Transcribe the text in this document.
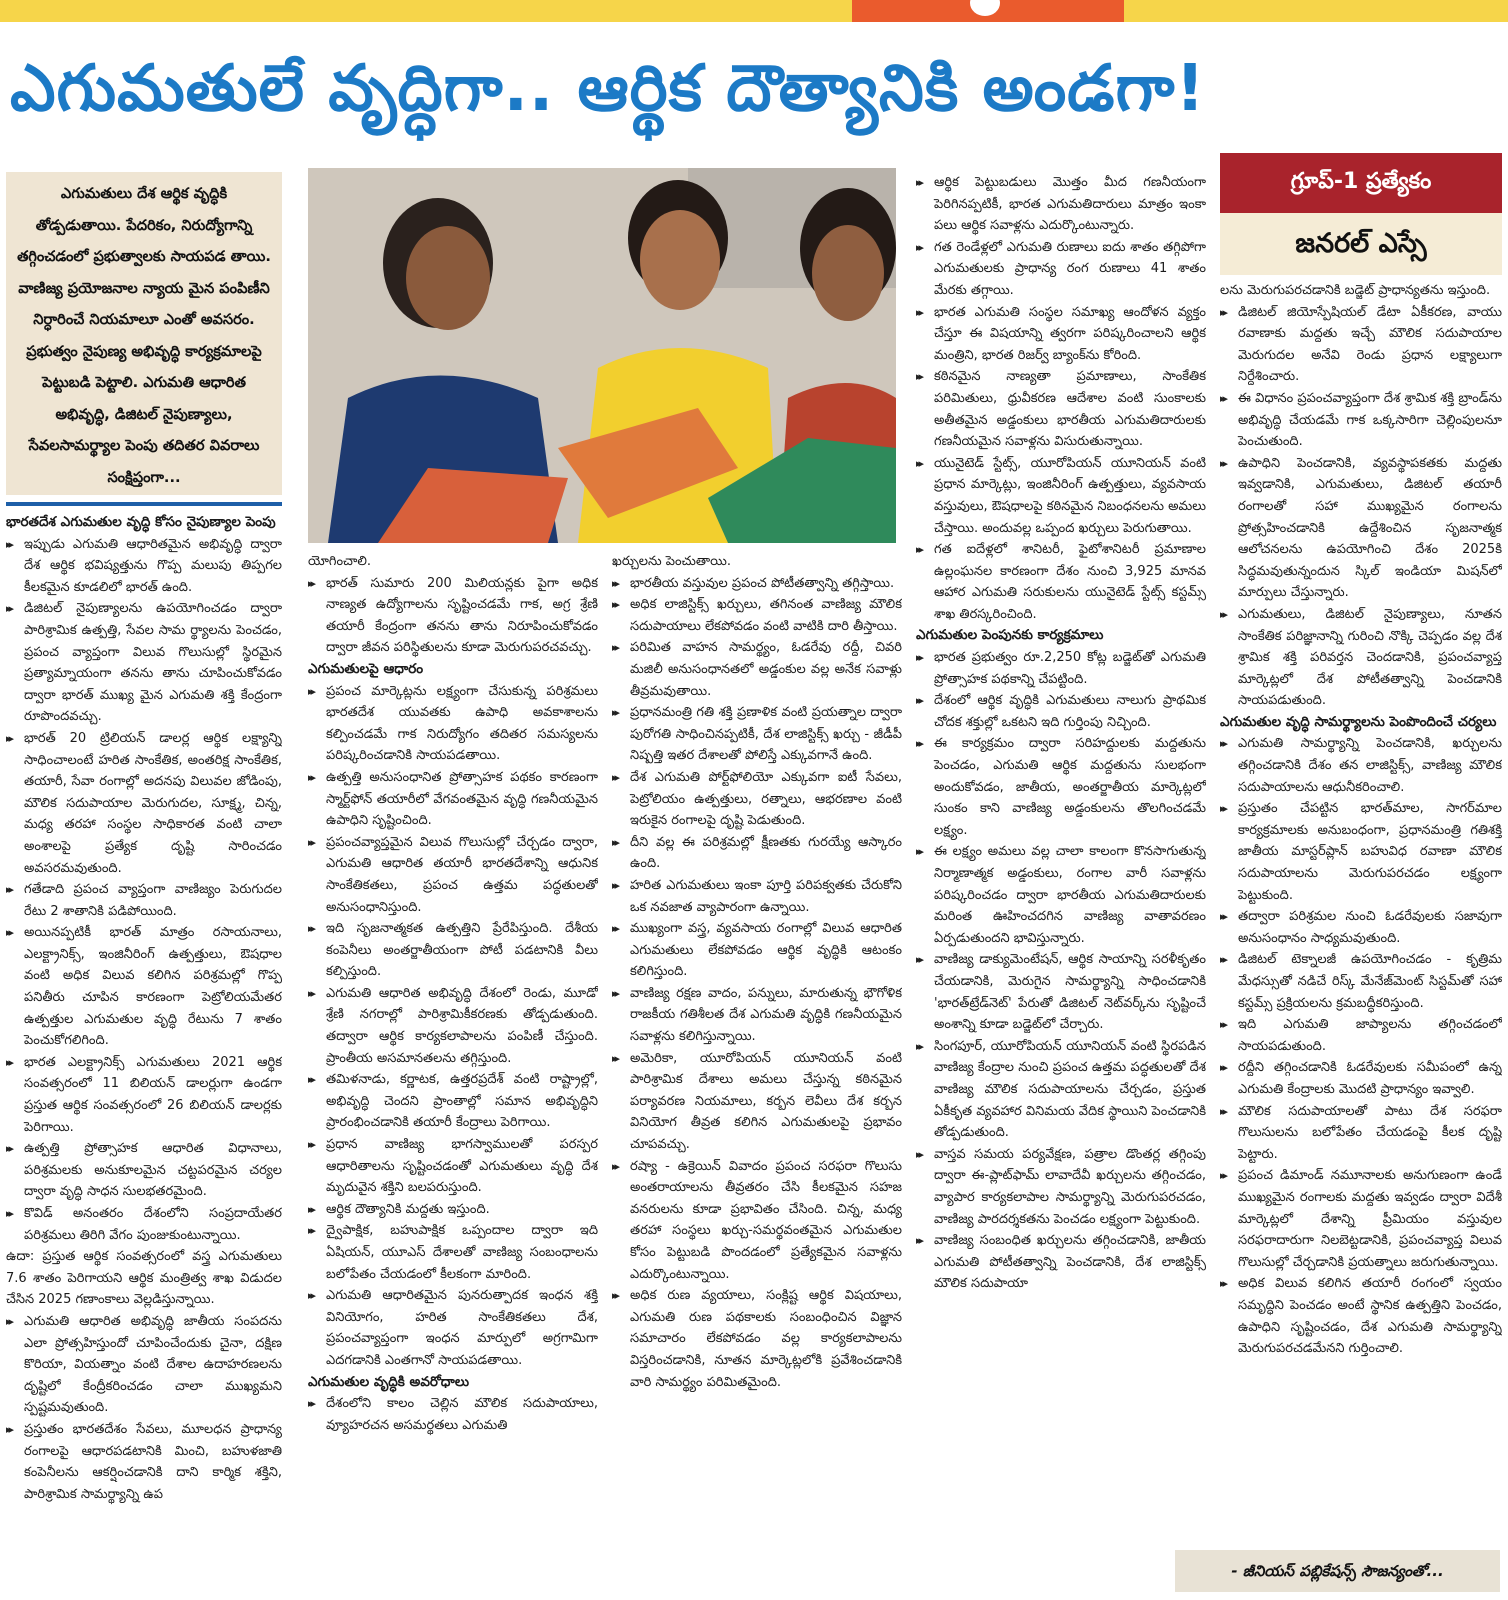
ఎగుమతులే వృద్ధిగా.. ఆర్థిక దౌత్యానికి అండగా!
ఎగుమతులు దేశ ఆర్థిక వృద్ధికి తోడ్పడుతాయి. పేదరికం, నిరుద్యోగాన్ని తగ్గించడంలో ప్రభుత్వాలకు సాయపడ తాయి. వాణిజ్య ప్రయోజనాల న్యాయ మైన పంపిణీని నిర్ధారించే నియమాలూ ఎంతో అవసరం. ప్రభుత్వం నైపుణ్య అభివృద్ధి కార్యక్రమాలపై పెట్టుబడి పెట్టాలి. ఎగుమతి ఆధారిత అభివృద్ధి, డిజిటల్‌ నైపుణ్యాలు, సేవలసామర్థ్యాల పెంపు తదితర వివరాలు సంక్షిప్తంగా...

భారతదేశ ఎగుమతుల వృద్ధి కోసం నైపుణ్యాల పెంపు

▸▸ ఇప్పుడు ఎగుమతి ఆధారితమైన అభివృద్ధి ద్వారా దేశ ఆర్థిక భవిష్యత్తును గొప్ప మలుపు తిప్పగల కీలకమైన కూడలిలో భారత్‌ ఉంది.

▸▸ డిజిటల్‌ నైపుణ్యాలను ఉపయోగించడం ద్వారా పారిశ్రామిక ఉత్పత్తి, సేవల సామ ర్థ్యాలను పెంచడం, ప్రపంచ వ్యాప్తంగా విలువ గొలుసుల్లో స్థిరమైన ప్రత్యామ్నాయంగా తనను తాను చూపించుకోవడం ద్వారా భారత్‌ ముఖ్య మైన ఎగుమతి శక్తి కేంద్రంగా రూపొందవచ్చు.

▸▸ భారత్‌ 20 ట్రిలియన్‌ డాలర్ల ఆర్థిక లక్ష్యాన్ని సాధించాలంటే హరిత సాంకేతిక, అంతరిక్ష సాంకేతిక, తయారీ, సేవా రంగాల్లో అదనపు విలువల జోడింపు, మౌలిక సదుపాయాల మెరుగుదల, సూక్ష్మ, చిన్న, మధ్య తరహా సంస్థల సాధికారత వంటి చాలా అంశాలపై ప్రత్యేక దృష్టి సారించడం అవసరమవుతుంది.

▸▸ గతేడాది ప్రపంచ వ్యాప్తంగా వాణిజ్యం పెరుగుదల రేటు 2 శాతానికి పడిపోయింది.

▸▸ అయినప్పటికీ భారత్‌ మాత్రం రసాయనాలు, ఎలక్ట్రానిక్స్‌, ఇంజినీరింగ్‌ ఉత్పత్తులు, ఔషధాల వంటి అధిక విలువ కలిగిన పరిశ్రమల్లో గొప్ప పనితీరు చూపిన కారణంగా పెట్రోలియమేతర ఉత్పత్తుల ఎగుమతుల వృద్ధి రేటును 7 శాతం పెంచుకోగలిగింది.

▸▸ భారత ఎలక్ట్రానిక్స్‌ ఎగుమతులు 2021 ఆర్థిక సంవత్సరంలో 11 బిలియన్‌ డాలర్లుగా ఉండగా ప్రస్తుత ఆర్థిక సంవత్సరంలో 26 బిలియన్‌ డాలర్లకు పెరిగాయి.

▸▸ ఉత్పత్తి ప్రోత్సాహక ఆధారిత విధానాలు, పరిశ్రమలకు అనుకూలమైన చట్టపరమైన చర్యల ద్వారా వృద్ధి సాధన సులభతరమైంది.

▸▸ కొవిడ్‌ అనంతరం దేశంలోని సంప్రదాయేతర పరిశ్రమలు తిరిగి వేగం పుంజుకుంటున్నాయి.

ఉదా: ప్రస్తుత ఆర్థిక సంవత్సరంలో వస్త్ర ఎగుమతులు 7.6 శాతం పెరిగాయని ఆర్థిక మంత్రిత్వ శాఖ విడుదల చేసిన 2025 గణాంకాలు వెల్లడిస్తున్నాయి.

▸▸ ఎగుమతి ఆధారిత అభివృద్ధి జాతీయ సంపదను ఎలా ప్రోత్సహిస్తుందో చూపించేందుకు చైనా, దక్షిణ కొరియా, వియత్నాం వంటి దేశాల ఉదాహరణలను దృష్టిలో కేంద్రీకరించడం చాలా ముఖ్యమని స్పష్టమవుతుంది.

▸▸ ప్రస్తుతం భారతదేశం సేవలు, మూలధన ప్రాధాన్య రంగాలపై ఆధారపడటానికి మించి, బహుళజాతి కంపెనీలను ఆకర్షించడానికి దాని కార్మిక శక్తిని, పారిశ్రామిక సామర్థ్యాన్ని ఉప

యోగించాలి.

▸▸ భారత్‌ సుమారు 200 మిలియన్లకు పైగా అధిక నాణ్యత ఉద్యోగాలను సృష్టించడమే గాక, అగ్ర శ్రేణి తయారీ కేంద్రంగా తనను తాను నిరూపించుకోవడం ద్వారా జీవన పరిస్థితులను కూడా మెరుగుపరచవచ్చు.

ఎగుమతులపై ఆధారం

▸▸ ప్రపంచ మార్కెట్లను లక్ష్యంగా చేసుకున్న పరిశ్రమలు భారతదేశ యువతకు ఉపాధి అవకాశాలను కల్పించడమే గాక నిరుద్యోగం తదితర సమస్యలను పరిష్కరించడానికి సాయపడతాయి.

▸▸ ఉత్పత్తి అనుసంధానిత ప్రోత్సాహక పథకం కారణంగా స్మార్ట్‌ఫోన్‌ తయారీలో వేగవంతమైన వృద్ధి గణనీయమైన ఉపాధిని సృష్టించింది.

▸▸ ప్రపంచవ్యాప్తమైన విలువ గొలుసుల్లో చేర్చడం ద్వారా, ఎగుమతి ఆధారిత తయారీ భారతదేశాన్ని ఆధునిక సాంకేతికతలు, ప్రపంచ ఉత్తమ పద్ధతులతో అనుసంధానిస్తుంది.

▸▸ ఇది సృజనాత్మకత ఉత్పత్తిని ప్రేరేపిస్తుంది. దేశీయ కంపెనీలు అంతర్జాతీయంగా పోటీ పడటానికి వీలు కల్పిస్తుంది.

▸▸ ఎగుమతి ఆధారిత అభివృద్ధి దేశంలో రెండు, మూడో శ్రేణి నగరాల్లో పారిశ్రామికీకరణకు తోడ్పడుతుంది. తద్వారా ఆర్థిక కార్యకలాపాలను పంపిణీ చేస్తుంది. ప్రాంతీయ అసమానతలను తగ్గిస్తుంది.

▸▸ తమిళనాడు, కర్ణాటక, ఉత్తరప్రదేశ్‌ వంటి రాష్ట్రాల్లో, అభివృద్ధి చెందని ప్రాంతాల్లో సమాన అభివృద్ధిని ప్రారంభించడానికి తయారీ కేంద్రాలు పెరిగాయి.

▸▸ ప్రధాన వాణిజ్య భాగస్వాములతో పరస్పర ఆధారితాలను సృష్టించడంతో ఎగుమతులు వృద్ధి దేశ మృదువైన శక్తిని బలపరుస్తుంది.

▸▸ ఆర్థిక దౌత్యానికి మద్దతు ఇస్తుంది.

▸▸ ద్వైపాక్షిక, బహుపాక్షిక ఒప్పందాల ద్వారా ఇది ఏషియన్‌, యూఎస్‌ దేశాలతో వాణిజ్య సంబంధాలను బలోపేతం చేయడంలో కీలకంగా మారింది.

▸▸ ఎగుమతి ఆధారితమైన పునరుత్పాదక ఇంధన శక్తి వినియోగం, హరిత సాంకేతికతలు దేశ, ప్రపంచవ్యాప్తంగా ఇంధన మార్పులో అగ్రగామిగా ఎదగడానికి ఎంతగానో సాయపడతాయి.

ఎగుమతుల వృద్ధికి అవరోధాలు

▸▸ దేశంలోని కాలం చెల్లిన మౌలిక సదుపాయాలు, వ్యూహరచన అసమర్థతలు ఎగుమతి

ఖర్చులను పెంచుతాయి.

▸▸ భారతీయ వస్తువుల ప్రపంచ పోటీతత్వాన్ని తగ్గిస్తాయి.

▸▸ అధిక లాజిస్టిక్స్‌ ఖర్చులు, తగినంత వాణిజ్య మౌలిక సదుపాయాలు లేకపోవడం వంటి వాటికి దారి తీస్తాయి.

▸▸ పరిమిత వాహన సామర్థ్యం, ఓడరేవు రద్దీ, చివరి మజిలీ అనుసంధానతలో అడ్డంకుల వల్ల అనేక సవాళ్లు తీవ్రమవుతాయి.

▸▸ ప్రధానమంత్రి గతి శక్తి ప్రణాళిక వంటి ప్రయత్నాల ద్వారా పురోగతి సాధించినప్పటికీ, దేశ లాజిస్టిక్స్‌ ఖర్చు - జీడీపీ నిష్పత్తి ఇతర దేశాలతో పోలిస్తే ఎక్కువగానే ఉంది.

▸▸ దేశ ఎగుమతి పోర్ట్‌ఫోలియో ఎక్కువగా ఐటీ సేవలు, పెట్రోలియం ఉత్పత్తులు, రత్నాలు, ఆభరణాల వంటి ఇరుకైన రంగాలపై దృష్టి పెడుతుంది.

▸▸ దీని వల్ల ఈ పరిశ్రమల్లో క్షీణతకు గురయ్యే ఆస్కారం ఉంది.

▸▸ హరిత ఎగుమతులు ఇంకా పూర్తి పరిపక్వతకు చేరుకోని ఒక నవజాత వ్యాపారంగా ఉన్నాయి.

▸▸ ముఖ్యంగా వస్త్ర, వ్యవసాయ రంగాల్లో విలువ ఆధారిత ఎగుమతులు లేకపోవడం ఆర్థిక వృద్ధికి ఆటంకం కలిగిస్తుంది.

▸▸ వాణిజ్య రక్షణ వాదం, పన్నులు, మారుతున్న భౌగోళిక రాజకీయ గతిశీలత దేశ ఎగుమతి వృద్ధికి గణనీయమైన సవాళ్లను కలిగిస్తున్నాయి.

▸▸ అమెరికా, యూరోపియన్‌ యూనియన్‌ వంటి పారిశ్రామిక దేశాలు అమలు చేస్తున్న కఠినమైన పర్యావరణ నియమాలు, కర్బన లెవీలు దేశ కర్బన వినియోగ తీవ్రత కలిగిన ఎగుమతులపై ప్రభావం చూపవచ్చు.

▸▸ రష్యా - ఉక్రెయిన్‌ వివాదం ప్రపంచ సరఫరా గొలుసు అంతరాయాలను తీవ్రతరం చేసి కీలకమైన సహజ వనరులను కూడా ప్రభావితం చేసింది. చిన్న, మధ్య తరహా సంస్థలు ఖర్చు-సమర్థవంతమైన ఎగుమతుల కోసం పెట్టుబడి పొందడంలో ప్రత్యేకమైన సవాళ్లను ఎదుర్కొంటున్నాయి.

▸▸ అధిక రుణ వ్యయాలు, సంక్లిష్ట ఆర్థిక విషయాలు, ఎగుమతి రుణ పథకాలకు సంబంధించిన విజ్ఞాన సమాచారం లేకపోవడం వల్ల కార్యకలాపాలను విస్తరించడానికి, నూతన మార్కెట్లలోకి ప్రవేశించడానికి వారి సామర్థ్యం పరిమితమైంది.

▸▸ ఆర్థిక పెట్టుబడులు మొత్తం మీద గణనీయంగా పెరిగినప్పటికీ, భారత ఎగుమతిదారులు మాత్రం ఇంకా పలు ఆర్థిక సవాళ్లను ఎదుర్కొంటున్నారు.

▸▸ గత రెండేళ్లలో ఎగుమతి రుణాలు ఐదు శాతం తగ్గిపోగా ఎగుమతులకు ప్రాధాన్య రంగ రుణాలు 41 శాతం మేరకు తగ్గాయి.

▸▸ భారత ఎగుమతి సంస్థల సమాఖ్య ఆందోళన వ్యక్తం చేస్తూ ఈ విషయాన్ని త్వరగా పరిష్కరించాలని ఆర్థిక మంత్రిని, భారత రిజర్వ్‌ బ్యాంక్‌ను కోరింది.

▸▸ కఠినమైన నాణ్యతా ప్రమాణాలు, సాంకేతిక పరిమితులు, ధ్రువీకరణ ఆదేశాల వంటి సుంకాలకు అతీతమైన అడ్డంకులు భారతీయ ఎగుమతిదారులకు గణనీయమైన సవాళ్లను విసురుతున్నాయి.

▸▸ యునైటెడ్‌ స్టేట్స్‌, యూరోపియన్‌ యూనియన్‌ వంటి ప్రధాన మార్కెట్లు, ఇంజినీరింగ్‌ ఉత్పత్తులు, వ్యవసాయ వస్తువులు, ఔషధాలపై కఠినమైన నిబంధనలను అమలు చేస్తాయి. అందువల్ల ఒప్పంద ఖర్చులు పెరుగుతాయి.

▸▸ గత ఐదేళ్లలో శానిటరీ, ఫైటోశానిటరీ ప్రమాణాల ఉల్లంఘనల కారణంగా దేశం నుంచి 3,925 మానవ ఆహార ఎగుమతి సరుకులను యునైటెడ్‌ స్టేట్స్‌ కస్టమ్స్‌ శాఖ తిరస్కరించింది.

ఎగుమతుల పెంపునకు కార్యక్రమాలు

▸▸ భారత ప్రభుత్వం రూ.2,250 కోట్ల బడ్జెట్‌తో ఎగుమతి ప్రోత్సాహక పథకాన్ని చేపట్టింది.

▸▸ దేశంలో ఆర్థిక వృద్ధికి ఎగుమతులు నాలుగు ప్రాథమిక చోదక శక్తుల్లో ఒకటని ఇది గుర్తింపు నిచ్చింది.

▸▸ ఈ కార్యక్రమం ద్వారా సరిహద్దులకు మద్దతును పెంచడం, ఎగుమతి ఆర్థిక మద్దతును సులభంగా అందుకోవడం, జాతీయ, అంతర్జాతీయ మార్కెట్లలో సుంకం కాని వాణిజ్య అడ్డంకులను తొలగించడమే లక్ష్యం.

▸▸ ఈ లక్ష్యం అమలు వల్ల చాలా కాలంగా కొనసాగుతున్న నిర్మాణాత్మక అడ్డంకులు, రంగాల వారీ సవాళ్లను పరిష్కరించడం ద్వారా భారతీయ ఎగుమతిదారులకు మరింత ఊహించదగిన వాణిజ్య వాతావరణం ఏర్పడుతుందని భావిస్తున్నారు.

▸▸ వాణిజ్య డాక్యుమెంటేషన్‌, ఆర్థిక సాయాన్ని సరళీకృతం చేయడానికి, మెరుగైన సామర్థ్యాన్ని సాధించడానికి 'భారత్‌ట్రేడ్‌నెట్‌' పేరుతో డిజిటల్‌ నెట్‌వర్క్‌ను సృష్టించే అంశాన్ని కూడా బడ్జెట్‌లో చేర్చారు.

▸▸ సింగపూర్‌, యూరోపియన్‌ యూనియన్‌ వంటి స్థిరపడిన వాణిజ్య కేంద్రాల నుంచి ప్రపంచ ఉత్తమ పద్ధతులతో దేశ వాణిజ్య మౌలిక సదుపాయాలను చేర్చడం, ప్రస్తుత ఏకీకృత వ్యవహార వినిమయ వేదిక స్థాయిని పెంచడానికి తోడ్పడుతుంది.

▸▸ వాస్తవ సమయ పర్యవేక్షణ, పత్రాల డొంతర్ల తగ్గింపు ద్వారా ఈ-ప్లాట్‌ఫామ్‌ లావాదేవీ ఖర్చులను తగ్గించడం, వ్యాపార కార్యకలాపాల సామర్థ్యాన్ని మెరుగుపరచడం, వాణిజ్య పారదర్శకతను పెంచడం లక్ష్యంగా పెట్టుకుంది.

▸▸ వాణిజ్య సంబంధిత ఖర్చులను తగ్గించడానికి, జాతీయ ఎగుమతి పోటీతత్వాన్ని పెంచడానికి, దేశ లాజిస్టిక్స్‌ మౌలిక సదుపాయా

గ్రూప్‌-1 ప్రత్యేకం
జనరల్‌ ఎస్సే

లను మెరుగుపరచడానికి బడ్జెట్‌ ప్రాధాన్యతను ఇస్తుంది.

▸▸ డిజిటల్‌ జియోస్పేషియల్‌ డేటా ఏకీకరణ, వాయు రవాణాకు మద్దతు ఇచ్చే మౌలిక సదుపాయాల మెరుగుదల అనేవి రెండు ప్రధాన లక్ష్యాలుగా నిర్దేశించారు.

▸▸ ఈ విధానం ప్రపంచవ్యాప్తంగా దేశ శ్రామిక శక్తి బ్రాండ్‌ను అభివృద్ధి చేయడమే గాక ఒక్కసారిగా చెల్లింపులనూ పెంచుతుంది.

▸▸ ఉపాధిని పెంచడానికి, వ్యవస్థాపకతకు మద్దతు ఇవ్వడానికి, ఎగుమతులు, డిజిటల్‌ తయారీ రంగాలతో సహా ముఖ్యమైన రంగాలను ప్రోత్సహించడానికి ఉద్దేశించిన సృజనాత్మక ఆలోచనలను ఉపయోగించి దేశం 2025కి సిద్ధమవుతున్నందున స్కిల్‌ ఇండియా మిషన్‌లో మార్పులు చేస్తున్నారు.

▸▸ ఎగుమతులు, డిజిటల్‌ నైపుణ్యాలు, నూతన సాంకేతిక పరిజ్ఞానాన్ని గురించి నొక్కి చెప్పడం వల్ల దేశ శ్రామిక శక్తి పరివర్తన చెందడానికి, ప్రపంచవ్యాప్త మార్కెట్లలో దేశ పోటీతత్వాన్ని పెంచడానికి సాయపడుతుంది.

ఎగుమతుల వృద్ధి సామర్థ్యాలను పెంపొందించే చర్యలు

▸▸ ఎగుమతి సామర్థ్యాన్ని పెంచడానికి, ఖర్చులను తగ్గించడానికి దేశం తన లాజిస్టిక్స్‌, వాణిజ్య మౌలిక సదుపాయాలను ఆధునీకరించాలి.

▸▸ ప్రస్తుతం చేపట్టిన భారత్‌మాల, సాగర్‌మాల కార్యక్రమాలకు అనుబంధంగా, ప్రధానమంత్రి గతిశక్తి జాతీయ మాస్టర్‌ప్లాన్‌ బహువిధ రవాణా మౌలిక సదుపాయాలను మెరుగుపరచడం లక్ష్యంగా పెట్టుకుంది.

▸▸ తద్వారా పరిశ్రమల నుంచి ఓడరేవులకు సజావుగా అనుసంధానం సాధ్యమవుతుంది.

▸▸ డిజిటల్‌ టెక్నాలజీ ఉపయోగించడం - కృత్రిమ మేధస్సుతో నడిచే రిస్క్‌ మేనేజ్‌మెంట్‌ సిస్టమ్‌తో సహా కస్టమ్స్‌ ప్రక్రియలను క్రమబద్ధీకరిస్తుంది.

▸▸ ఇది ఎగుమతి జాప్యాలను తగ్గించడంలో సాయపడుతుంది.

▸▸ రద్దీని తగ్గించడానికి ఓడరేవులకు సమీపంలో ఉన్న ఎగుమతి కేంద్రాలకు మొదటి ప్రాధాన్యం ఇవ్వాలి.

▸▸ మౌలిక సదుపాయాలతో పాటు దేశ సరఫరా గొలుసులను బలోపేతం చేయడంపై కీలక దృష్టి పెట్టారు.

▸▸ ప్రపంచ డిమాండ్‌ నమూనాలకు అనుగుణంగా ఉండే ముఖ్యమైన రంగాలకు మద్దతు ఇవ్వడం ద్వారా విదేశీ మార్కెట్లలో దేశాన్ని ప్రీమియం వస్తువుల సరఫరాదారుగా నిలబెట్టడానికి, ప్రపంచవ్యాప్త విలువ గొలుసుల్లో చేర్చడానికి ప్రయత్నాలు జరుగుతున్నాయి.

▸▸ అధిక విలువ కలిగిన తయారీ రంగంలో స్వయం సమృద్ధిని పెంచడం అంటే స్థానిక ఉత్పత్తిని పెంచడం, ఉపాధిని సృష్టించడం, దేశ ఎగుమతి సామర్థ్యాన్ని మెరుగుపరచడమేనని గుర్తించాలి.

- జీనియస్‌ పబ్లికేషన్స్‌ సౌజన్యంతో...
